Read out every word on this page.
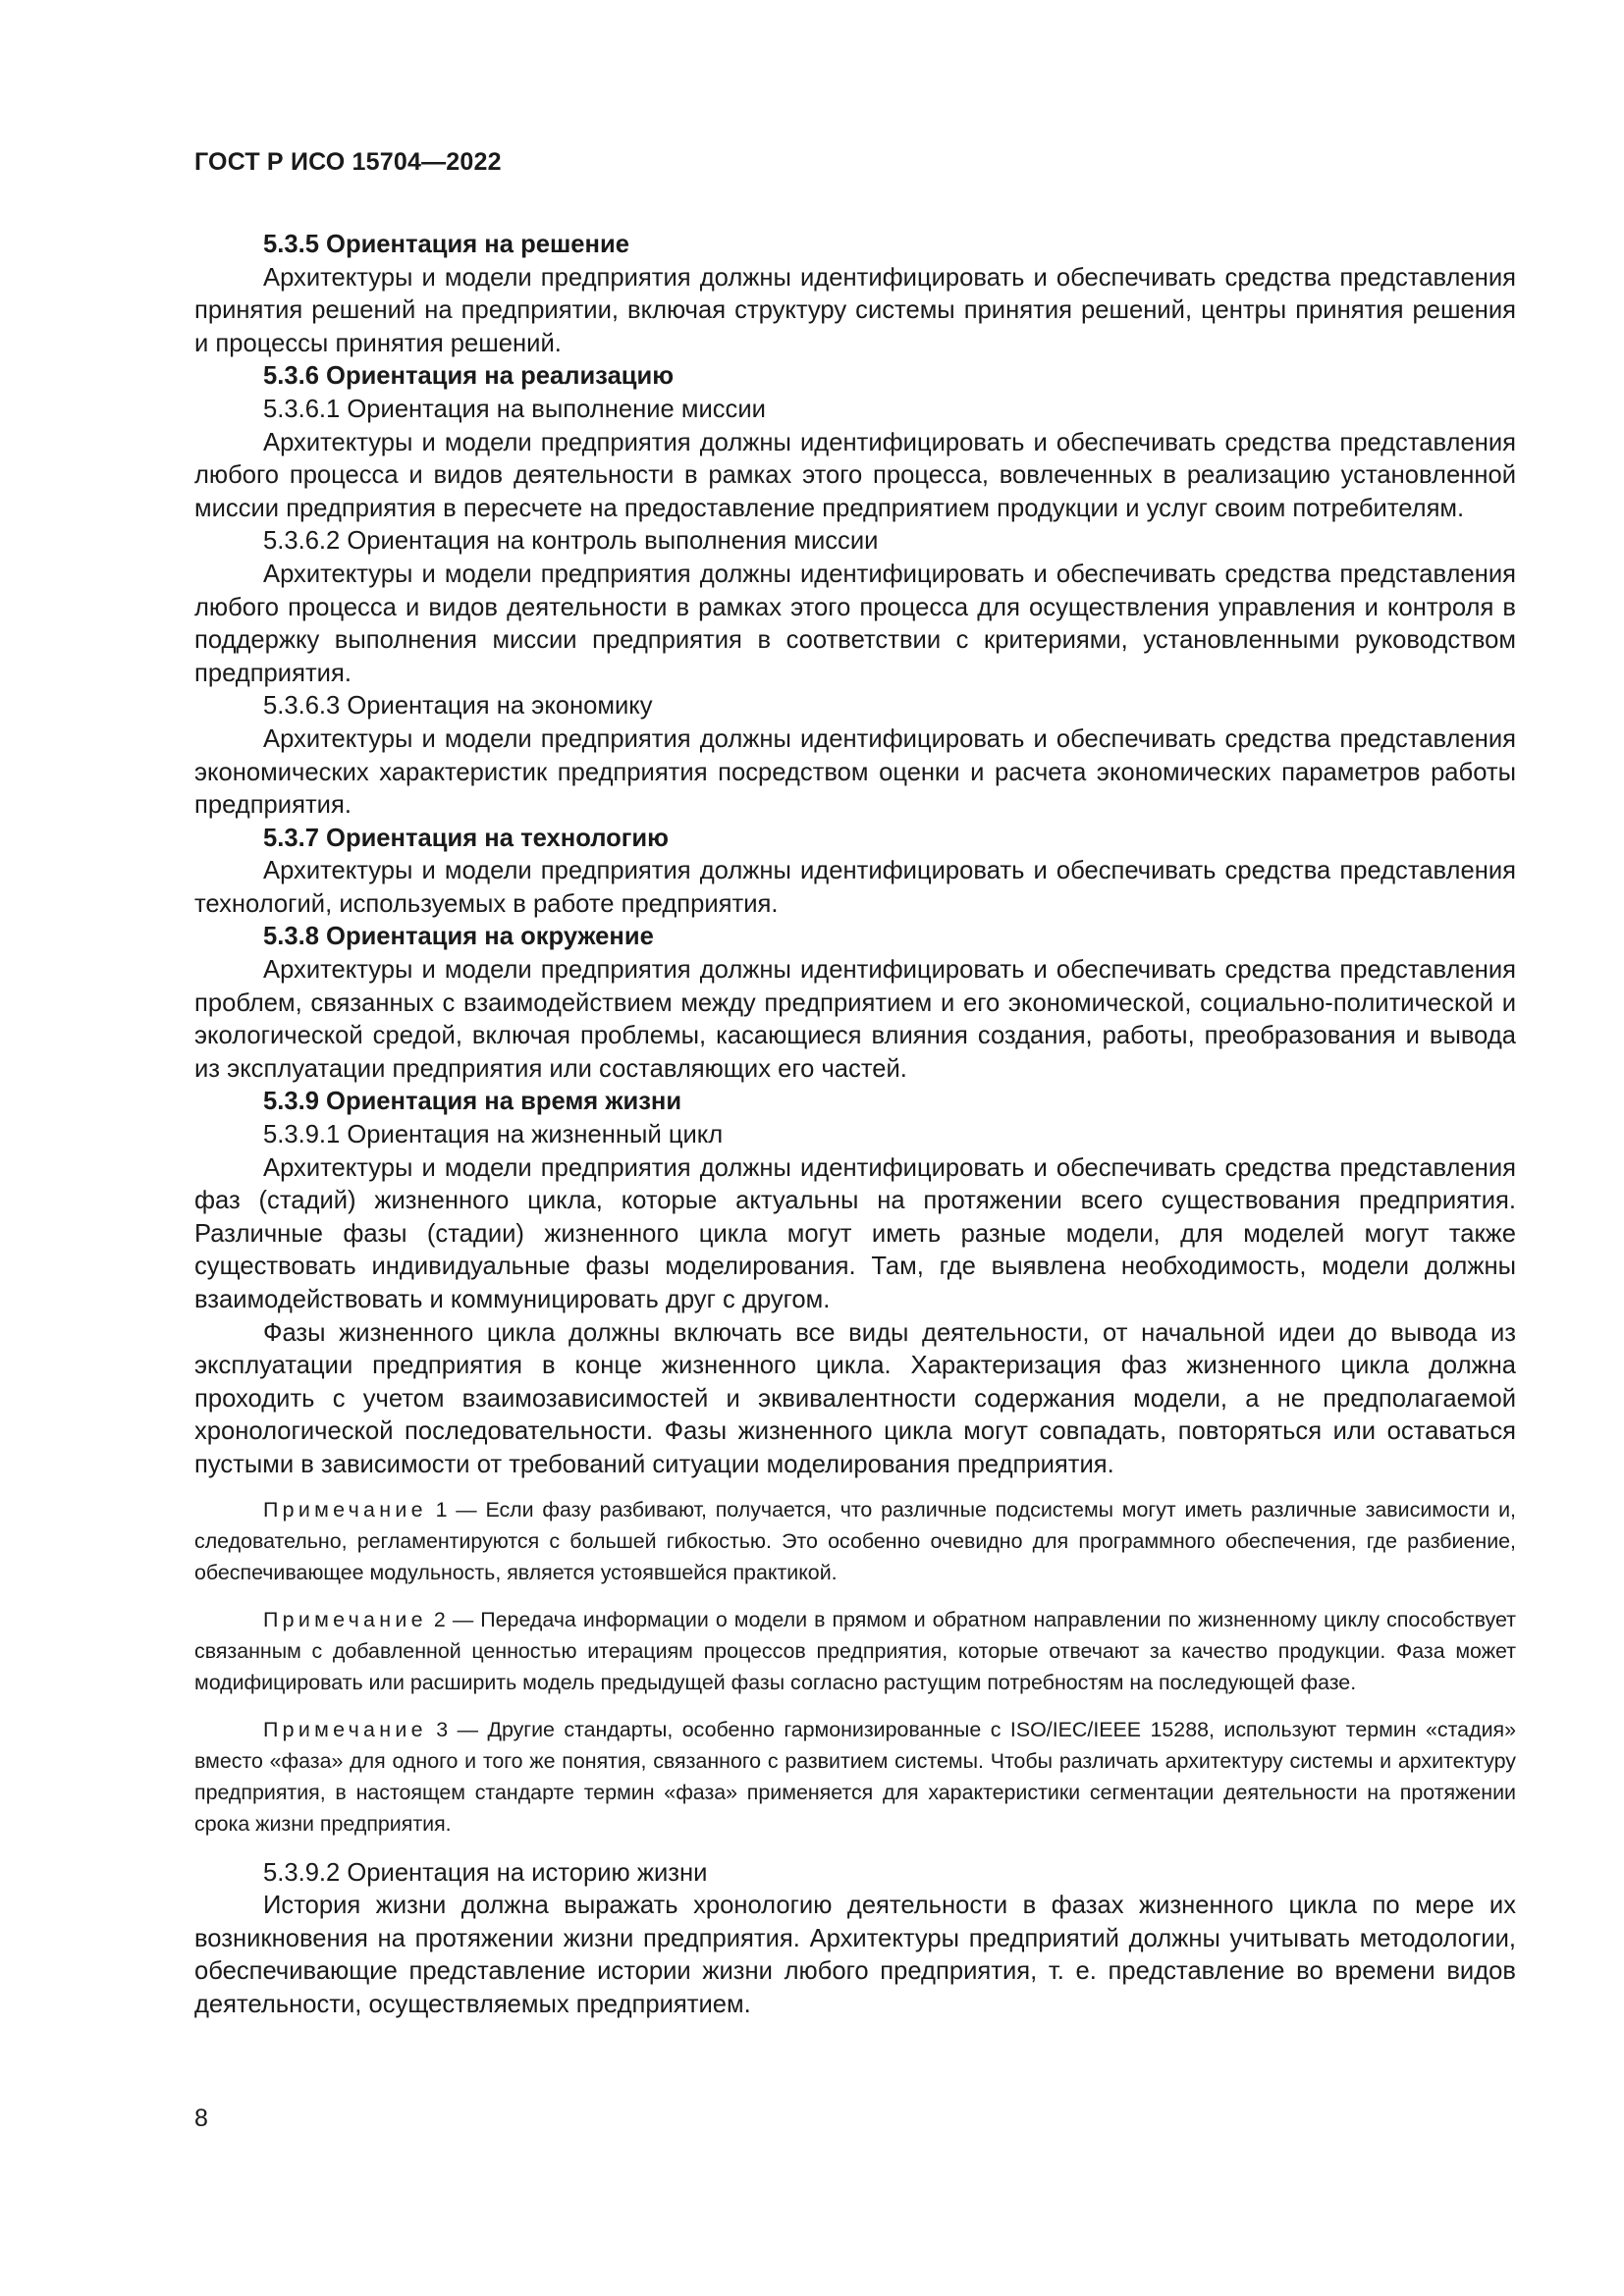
ГОСТ Р ИСО 15704—2022

5.3.5 Ориентация на решение

Архитектуры и модели предприятия должны идентифицировать и обеспечивать средства представления принятия решений на предприятии, включая структуру системы принятия решений, центры принятия решения и процессы принятия решений.

5.3.6 Ориентация на реализацию

5.3.6.1 Ориентация на выполнение миссии

Архитектуры и модели предприятия должны идентифицировать и обеспечивать средства представления любого процесса и видов деятельности в рамках этого процесса, вовлеченных в реализацию установленной миссии предприятия в пересчете на предоставление предприятием продукции и услуг своим потребителям.

5.3.6.2 Ориентация на контроль выполнения миссии

Архитектуры и модели предприятия должны идентифицировать и обеспечивать средства представления любого процесса и видов деятельности в рамках этого процесса для осуществления управления и контроля в поддержку выполнения миссии предприятия в соответствии с критериями, установленными руководством предприятия.

5.3.6.3 Ориентация на экономику

Архитектуры и модели предприятия должны идентифицировать и обеспечивать средства представления экономических характеристик предприятия посредством оценки и расчета экономических параметров работы предприятия.

5.3.7 Ориентация на технологию

Архитектуры и модели предприятия должны идентифицировать и обеспечивать средства представления технологий, используемых в работе предприятия.

5.3.8 Ориентация на окружение

Архитектуры и модели предприятия должны идентифицировать и обеспечивать средства представления проблем, связанных с взаимодействием между предприятием и его экономической, социально-политической и экологической средой, включая проблемы, касающиеся влияния создания, работы, преобразования и вывода из эксплуатации предприятия или составляющих его частей.

5.3.9 Ориентация на время жизни

5.3.9.1 Ориентация на жизненный цикл

Архитектуры и модели предприятия должны идентифицировать и обеспечивать средства представления фаз (стадий) жизненного цикла, которые актуальны на протяжении всего существования предприятия. Различные фазы (стадии) жизненного цикла могут иметь разные модели, для моделей могут также существовать индивидуальные фазы моделирования. Там, где выявлена необходимость, модели должны взаимодействовать и коммуницировать друг с другом.

Фазы жизненного цикла должны включать все виды деятельности, от начальной идеи до вывода из эксплуатации предприятия в конце жизненного цикла. Характеризация фаз жизненного цикла должна проходить с учетом взаимозависимостей и эквивалентности содержания модели, а не предполагаемой хронологической последовательности. Фазы жизненного цикла могут совпадать, повторяться или оставаться пустыми в зависимости от требований ситуации моделирования предприятия.

Примечание 1 — Если фазу разбивают, получается, что различные подсистемы могут иметь различные зависимости и, следовательно, регламентируются с большей гибкостью. Это особенно очевидно для программного обеспечения, где разбиение, обеспечивающее модульность, является устоявшейся практикой.

Примечание 2 — Передача информации о модели в прямом и обратном направлении по жизненному циклу способствует связанным с добавленной ценностью итерациям процессов предприятия, которые отвечают за качество продукции. Фаза может модифицировать или расширить модель предыдущей фазы согласно растущим потребностям на последующей фазе.

Примечание 3 — Другие стандарты, особенно гармонизированные с ISO/IEC/IEEE 15288, используют термин «стадия» вместо «фаза» для одного и того же понятия, связанного с развитием системы. Чтобы различать архитектуру системы и архитектуру предприятия, в настоящем стандарте термин «фаза» применяется для характеристики сегментации деятельности на протяжении срока жизни предприятия.

5.3.9.2 Ориентация на историю жизни

История жизни должна выражать хронологию деятельности в фазах жизненного цикла по мере их возникновения на протяжении жизни предприятия. Архитектуры предприятий должны учитывать методологии, обеспечивающие представление истории жизни любого предприятия, т. е. представление во времени видов деятельности, осуществляемых предприятием.

8
